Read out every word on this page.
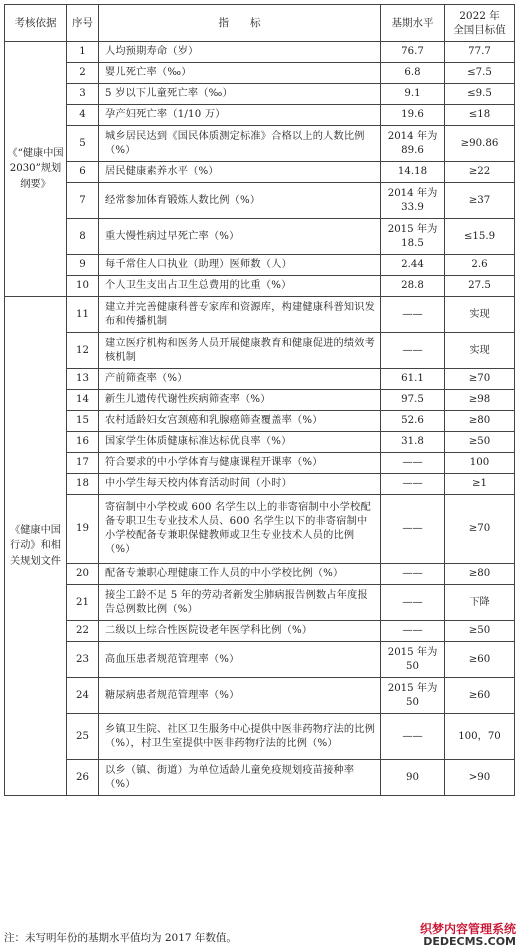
考核依据	序号	指　　标	基期水平	2022 年
全国目标值
《“健康中国 2030”规划纲要》	1	人均预期寿命（岁）	76.7	77.7
	2	婴儿死亡率（‰）	6.8	≤7.5
	3	5 岁以下儿童死亡率（‰）	9.1	≤9.5
	4	孕产妇死亡率（1/10 万）	19.6	≤18
	5	城乡居民达到《国民体质测定标准》合格以上的人数比例（%）	2014 年为 89.6	≥90.86
	6	居民健康素养水平（%）	14.18	≥22
	7	经常参加体育锻炼人数比例（%）	2014 年为 33.9	≥37
	8	重大慢性病过早死亡率（%）	2015 年为 18.5	≤15.9
	9	每千常住人口执业（助理）医师数（人）	2.44	2.6
	10	个人卫生支出占卫生总费用的比重（%）	28.8	27.5
《健康中国行动》和相关规划文件	11	建立并完善健康科普专家库和资源库，构建健康科普知识发布和传播机制	——	实现
	12	建立医疗机构和医务人员开展健康教育和健康促进的绩效考核机制	——	实现
	13	产前筛查率（%）	61.1	≥70
	14	新生儿遗传代谢性疾病筛查率（%）	97.5	≥98
	15	农村适龄妇女宫颈癌和乳腺癌筛查覆盖率（%）	52.6	≥80
	16	国家学生体质健康标准达标优良率（%）	31.8	≥50
	17	符合要求的中小学体育与健康课程开课率（%）	——	100
	18	中小学生每天校内体育活动时间（小时）	——	≥1
	19	寄宿制中小学校或 600 名学生以上的非寄宿制中小学校配备专职卫生专业技术人员、600 名学生以下的非寄宿制中小学校配备专兼职保健教师或卫生专业技术人员的比例（%）	——	≥70
	20	配备专兼职心理健康工作人员的中小学校比例（%）	——	≥80
	21	接尘工龄不足 5 年的劳动者新发尘肺病报告例数占年度报告总例数比例（%）	——	下降
	22	二级以上综合性医院设老年医学科比例（%）	——	≥50
	23	高血压患者规范管理率（%）	2015 年为 50	≥60
	24	糖尿病患者规范管理率（%）	2015 年为 50	≥60
	25	乡镇卫生院、社区卫生服务中心提供中医非药物疗法的比例（%），村卫生室提供中医非药物疗法的比例（%）	——	100，70
	26	以乡（镇、街道）为单位适龄儿童免疫规划疫苗接种率（%）	90	>90
注：未写明年份的基期水平值均为 2017 年数值。
织梦内容管理系统
DEDECMS.COM
